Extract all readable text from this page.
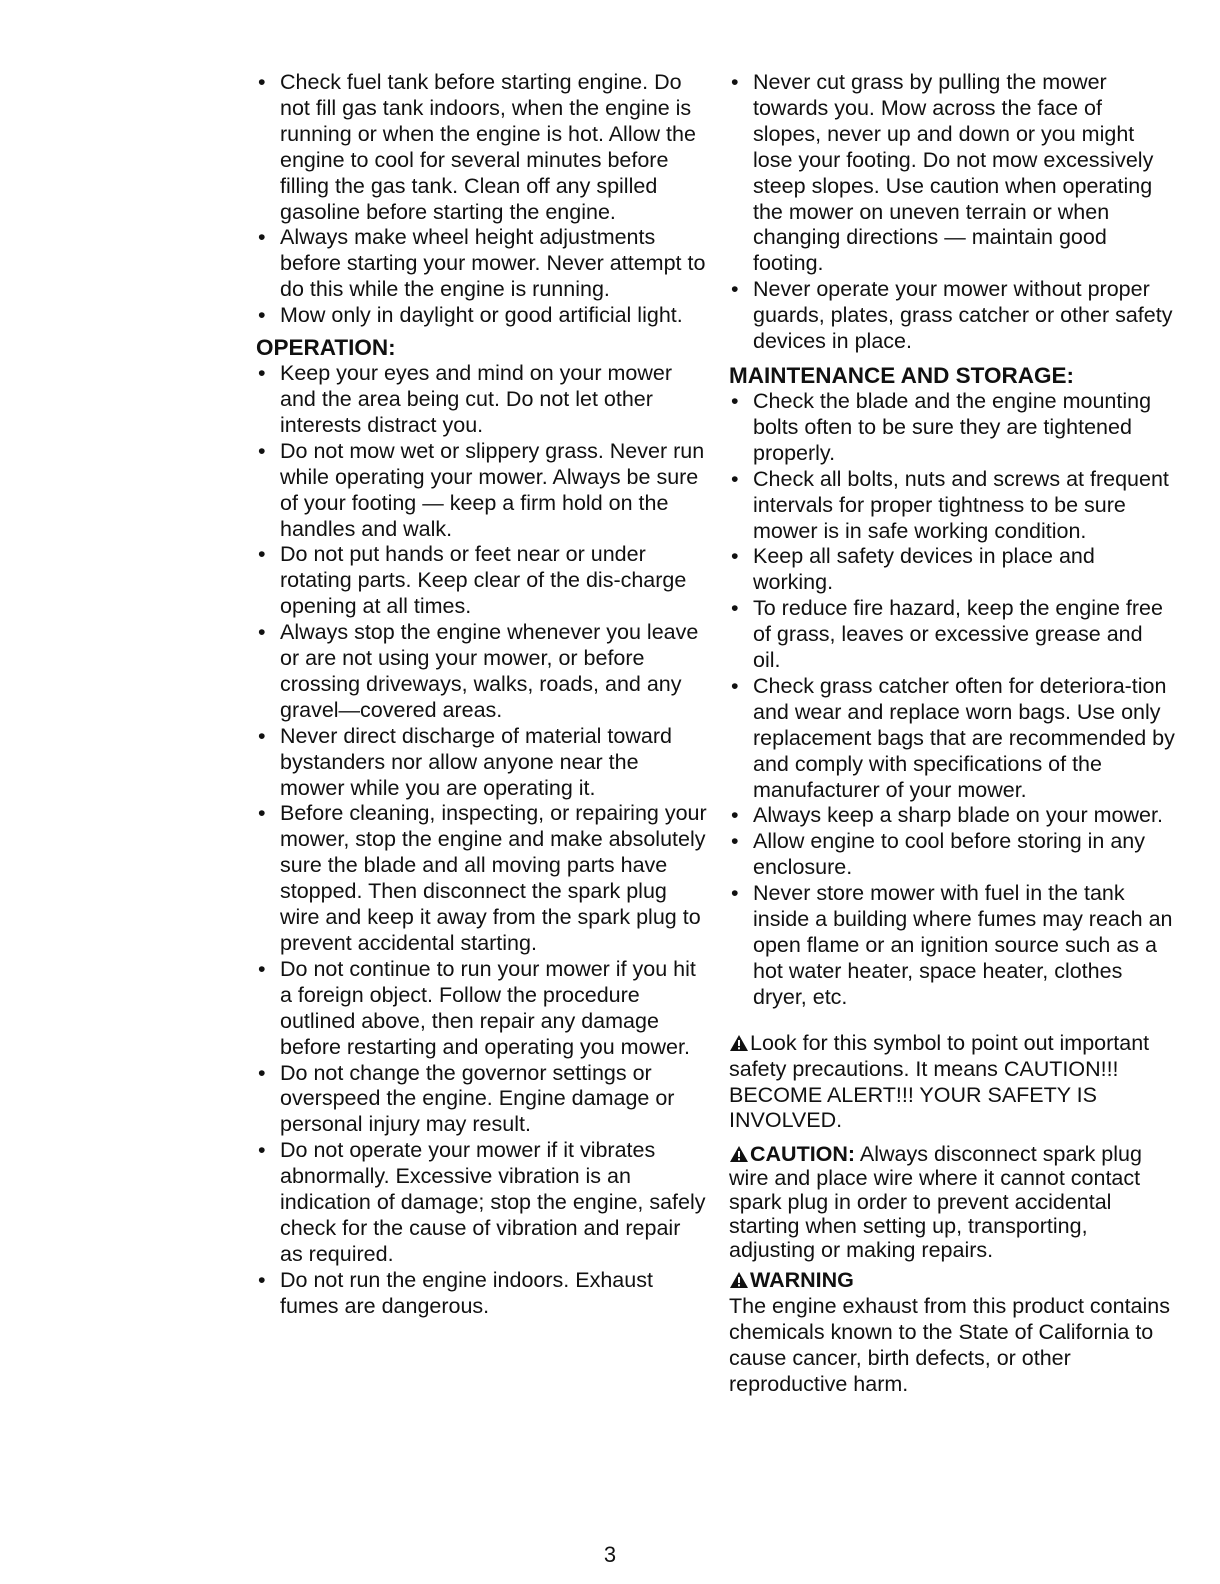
• Check fuel tank before starting engine. Do not fill gas tank indoors, when the engine is running or when the engine is hot. Allow the engine to cool for several minutes before filling the gas tank. Clean off any spilled gasoline before starting the engine.
• Always make wheel height adjustments before starting your mower. Never attempt to do this while the engine is running.
• Mow only in daylight or good artificial light.
OPERATION:
• Keep your eyes and mind on your mower and the area being cut. Do not let other interests distract you.
• Do not mow wet or slippery grass. Never run while operating your mower. Always be sure of your footing — keep a firm hold on the handles and walk.
• Do not put hands or feet near or under rotating parts. Keep clear of the dis-charge opening at all times.
• Always stop the engine whenever you leave or are not using your mower, or before crossing driveways, walks, roads, and any gravel—covered areas.
• Never direct discharge of material toward bystanders nor allow anyone near the mower while you are operating it.
• Before cleaning, inspecting, or repairing your mower, stop the engine and make absolutely sure the blade and all moving parts have stopped. Then disconnect the spark plug wire and keep it away from the spark plug to prevent accidental starting.
• Do not continue to run your mower if you hit a foreign object. Follow the procedure outlined above, then repair any damage before restarting and operating you mower.
• Do not change the governor settings or overspeed the engine. Engine damage or personal injury may result.
• Do not operate your mower if it vibrates abnormally. Excessive vibration is an indication of damage; stop the engine, safely check for the cause of vibration and repair as required.
• Do not run the engine indoors. Exhaust fumes are dangerous.
• Never cut grass by pulling the mower towards you. Mow across the face of slopes, never up and down or you might lose your footing. Do not mow excessively steep slopes. Use caution when operating the mower on uneven terrain or when changing directions — maintain good footing.
• Never operate your mower without proper guards, plates, grass catcher or other safety devices in place.
MAINTENANCE AND STORAGE:
• Check the blade and the engine mounting bolts often to be sure they are tightened properly.
• Check all bolts, nuts and screws at frequent intervals for proper tightness to be sure mower is in safe working condition.
• Keep all safety devices in place and working.
• To reduce fire hazard, keep the engine free of grass, leaves or excessive grease and oil.
• Check grass catcher often for deteriora-tion and wear and replace worn bags. Use only replacement bags that are recommended by and comply with specifications of the manufacturer of your mower.
• Always keep a sharp blade on your mower.
• Allow engine to cool before storing in any enclosure.
• Never store mower with fuel in the tank inside a building where fumes may reach an open flame or an ignition source such as a hot water heater, space heater, clothes dryer, etc.

Look for this symbol to point out important safety precautions. It means CAUTION!!! BECOME ALERT!!! YOUR SAFETY IS INVOLVED.

CAUTION: Always disconnect spark plug wire and place wire where it cannot contact spark plug in order to prevent accidental starting when setting up, transporting, adjusting or making repairs.

WARNING
The engine exhaust from this product contains chemicals known to the State of California to cause cancer, birth defects, or other reproductive harm.
3
